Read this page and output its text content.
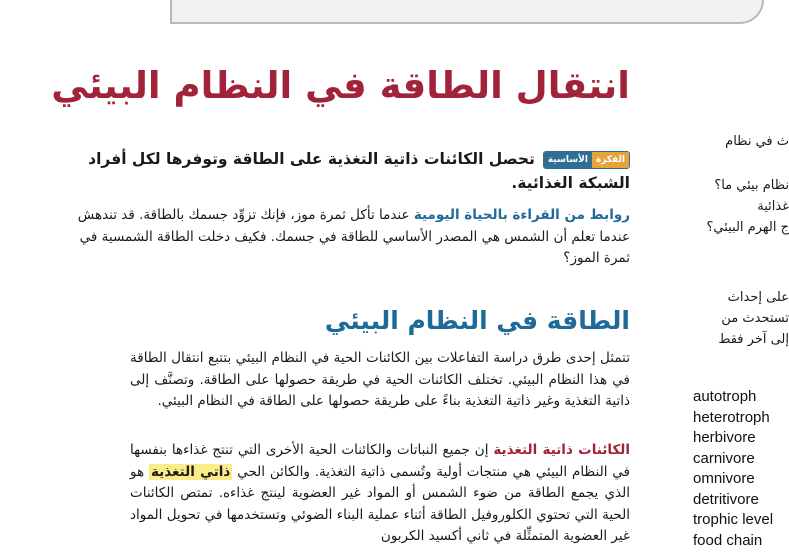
انتقال الطاقة في النظام البيئي
الفكرةالأساسيةتحصل الكائنات ذاتية التغذية على الطاقة وتوفرها لكل أفراد الشبكة الغذائية.
روابط من القراءة بالحياة اليومية عندما تأكل ثمرة موز، فإنك تزوِّد جسمك بالطاقة. قد تندهش عندما تعلم أن الشمس هي المصدر الأساسي للطاقة في جسمك. فكيف دخلت الطاقة الشمسية في ثمرة الموز؟
الطاقة في النظام البيئي

تتمثل إحدى طرق دراسة التفاعلات بين الكائنات الحية في النظام البيئي بتتبع انتقال الطاقة في هذا النظام البيئي. تختلف الكائنات الحية في طريقة حصولها على الطاقة. وتصنَّف إلى ذاتية التغذية وغير ذاتية التغذية بناءً على طريقة حصولها على الطاقة في النظام البيئي.

الكائنات ذاتية التغذية إن جميع النباتات والكائنات الحية الأخرى التي تنتج غذاءها بنفسها في النظام البيئي هي منتجات أولية وتُسمى ذاتية التغذية. والكائن الحي ذاتي التغذية هو الذي يجمع الطاقة من ضوء الشمس أو المواد غير العضوية لينتج غذاءه. تمتص الكائنات الحية التي تحتوي الكلوروفيل الطاقة أثناء عملية البناء الضوئي وتستخدمها في تحويل المواد غير العضوية المتمثِّلة في ثاني أكسيد الكربون

ث في نظام
نظام بيئي ما؟
غذائية
ج الهرم البيئي؟
على إحداث
تستحدث من
إلى آخر فقط
autotroph
heterotroph
herbivore
carnivore
omnivore
detritivore
trophic level
food chain
